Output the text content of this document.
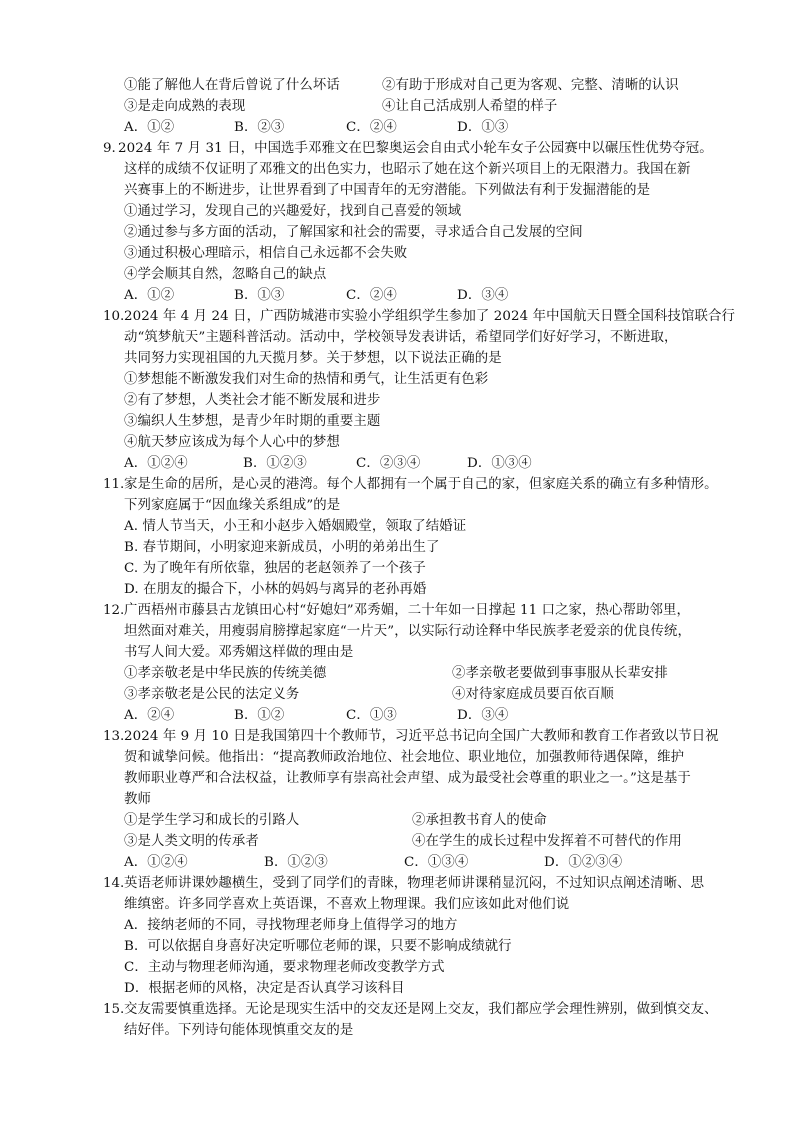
①能了解他人在背后曾说了什么坏话	②有助于形成对自己更为客观、完整、清晰的认识
③是走向成熟的表现	④让自己活成别人希望的样子
A．①②	B．②③	C．②④	D．①③
9. 2024 年 7 月 31 日，中国选手邓雅文在巴黎奥运会自由式小轮车女子公园赛中以碾压性优势夺冠。
这样的成绩不仅证明了邓雅文的出色实力，也昭示了她在这个新兴项目上的无限潜力。我国在新
兴赛事上的不断进步，让世界看到了中国青年的无穷潜能。下列做法有利于发掘潜能的是
①通过学习，发现自己的兴趣爱好，找到自己喜爱的领域
②通过参与多方面的活动，了解国家和社会的需要，寻求适合自己发展的空间
③通过积极心理暗示，相信自己永远都不会失败
④学会顺其自然，忽略自己的缺点
A．①②	B．①③	C．②④	D．③④
10. 2024 年 4 月 24 日，广西防城港市实验小学组织学生参加了 2024 年中国航天日暨全国科技馆联合行
动“筑梦航天”主题科普活动。活动中，学校领导发表讲话，希望同学们好好学习，不断进取，
共同努力实现祖国的九天揽月梦。关于梦想，以下说法正确的是
①梦想能不断激发我们对生命的热情和勇气，让生活更有色彩
②有了梦想，人类社会才能不断发展和进步
③编织人生梦想，是青少年时期的重要主题
④航天梦应该成为每个人心中的梦想
A．①②④	B．①②③	C．②③④	D．①③④
11. 家是生命的居所，是心灵的港湾。每个人都拥有一个属于自己的家，但家庭关系的确立有多种情形。
下列家庭属于“因血缘关系组成”的是
A. 情人节当天，小王和小赵步入婚姻殿堂，领取了结婚证
B. 春节期间，小明家迎来新成员，小明的弟弟出生了
C. 为了晚年有所依靠，独居的老赵领养了一个孩子
D. 在朋友的撮合下，小林的妈妈与离异的老孙再婚
12. 广西梧州市藤县古龙镇田心村“好媳妇”邓秀媚，二十年如一日撑起 11 口之家，热心帮助邻里，
坦然面对难关，用瘦弱肩膀撑起家庭“一片天”，以实际行动诠释中华民族孝老爱亲的优良传统，
书写人间大爱。邓秀媚这样做的理由是
①孝亲敬老是中华民族的传统美德	②孝亲敬老要做到事事服从长辈安排
③孝亲敬老是公民的法定义务	④对待家庭成员要百依百顺
A．②④	B．①②	C．①③	D．③④
13. 2024 年 9 月 10 日是我国第四十个教师节，习近平总书记向全国广大教师和教育工作者致以节日祝
贺和诚挚问候。他指出：“提高教师政治地位、社会地位、职业地位，加强教师待遇保障，维护
教师职业尊严和合法权益，让教师享有崇高社会声望、成为最受社会尊重的职业之一。”这是基于
教师
①是学生学习和成长的引路人	②承担教书育人的使命
③是人类文明的传承者	④在学生的成长过程中发挥着不可替代的作用
A．①②④	B．①②③	C．①③④	D．①②③④
14. 英语老师讲课妙趣横生，受到了同学们的青睐，物理老师讲课稍显沉闷，不过知识点阐述清晰、思
维缜密。许多同学喜欢上英语课，不喜欢上物理课。我们应该如此对他们说
A．接纳老师的不同，寻找物理老师身上值得学习的地方
B．可以依据自身喜好决定听哪位老师的课，只要不影响成绩就行
C．主动与物理老师沟通，要求物理老师改变教学方式
D．根据老师的风格，决定是否认真学习该科目
15. 交友需要慎重选择。无论是现实生活中的交友还是网上交友，我们都应学会理性辨别，做到慎交友、
结好伴。下列诗句能体现慎重交友的是
